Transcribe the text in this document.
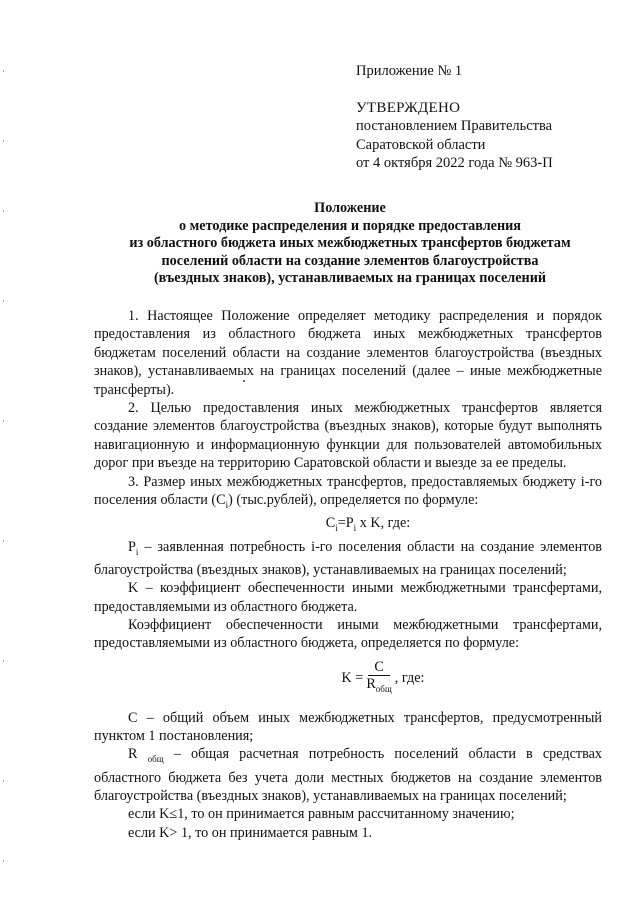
Приложение № 1
УТВЕРЖДЕНО
постановлением Правительства
Саратовской области
от 4 октября 2022 года № 963-П
Положение
о методике распределения и порядке предоставления
из областного бюджета иных межбюджетных трансфертов бюджетам
поселений области на создание элементов благоустройства
(въездных знаков), устанавливаемых на границах поселений

1. Настоящее Положение определяет методику распределения и порядок предоставления из областного бюджета иных межбюджетных трансфертов бюджетам поселений области на создание элементов благоустройства (въездных знаков), устанавливаемых на границах поселений (далее – иные межбюджетные трансферты).

2. Целью предоставления иных межбюджетных трансфертов является создание элементов благоустройства (въездных знаков), которые будут выполнять навигационную и информационную функции для пользователей автомобильных дорог при въезде на территорию Саратовской области и выезде за ее пределы.

3. Размер иных межбюджетных трансфертов, предоставляемых бюджету i-го поселения области $(C_i)$ (тыс.рублей), определяется по формуле:

$C_i=P_i$ x K, где:

$P_i$ – заявленная потребность i-го поселения области на создание элементов благоустройства (въездных знаков), устанавливаемых на границах поселений;

K – коэффициент обеспеченности иными межбюджетными трансфертами, предоставляемыми из областного бюджета.

Коэффициент обеспеченности иными межбюджетными трансфертами, предоставляемыми из областного бюджета, определяется по формуле:

$K = \frac{C}{R_{общ}}$ , где:

C – общий объем иных межбюджетных трансфертов, предусмотренный пунктом 1 постановления;

R $_{общ}$ – общая расчетная потребность поселений области в средствах областного бюджета без учета доли местных бюджетов на создание элементов благоустройства (въездных знаков), устанавливаемых на границах поселений;

если K≤1, то он принимается равным рассчитанному значению;

если K> 1, то он принимается равным 1.
